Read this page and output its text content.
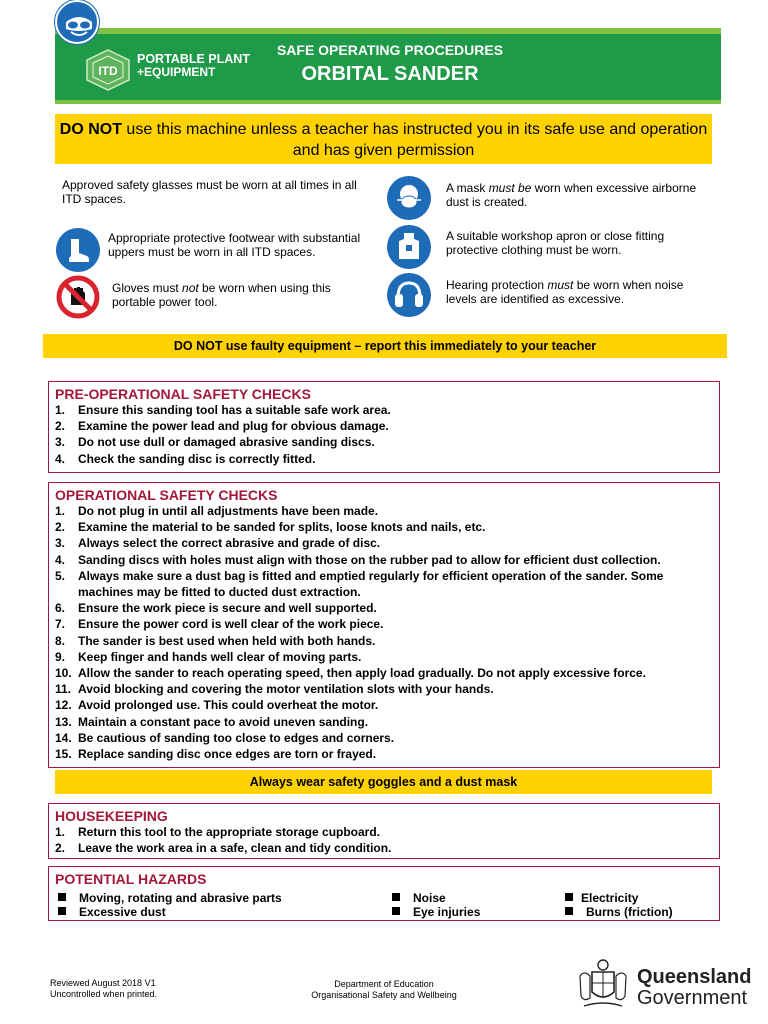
ITD
PORTABLE PLANT
+EQUIPMENT
SAFE OPERATING PROCEDURES
ORBITAL SANDER
DO NOT use this machine unless a teacher has instructed you in its safe use and operation and has given permission
Approved safety glasses must be worn at all times in all ITD spaces.
Appropriate protective footwear with substantial uppers must be worn in all ITD spaces.
Gloves must not be worn when using this portable power tool.
A mask must be worn when excessive airborne dust is created.
A suitable workshop apron or close fitting protective clothing must be worn.
Hearing protection must be worn when noise levels are identified as excessive.
DO NOT use faulty equipment – report this immediately to your teacher
PRE-OPERATIONAL SAFETY CHECKS
1.	Ensure this sanding tool has a suitable safe work area.
2.	Examine the power lead and plug for obvious damage.
3.	Do not use dull or damaged abrasive sanding discs.
4.	Check the sanding disc is correctly fitted.
OPERATIONAL SAFETY CHECKS
1.	Do not plug in until all adjustments have been made.
2.	Examine the material to be sanded for splits, loose knots and nails, etc.
3.	Always select the correct abrasive and grade of disc.
4.	Sanding discs with holes must align with those on the rubber pad to allow for efficient dust collection.
5.	Always make sure a dust bag is fitted and emptied regularly for efficient operation of the sander. Some machines may be fitted to ducted dust extraction.
6.	Ensure the work piece is secure and well supported.
7.	Ensure the power cord is well clear of the work piece.
8.	The sander is best used when held with both hands.
9.	Keep finger and hands well clear of moving parts.
10. Allow the sander to reach operating speed, then apply load gradually. Do not apply excessive force.
11. Avoid blocking and covering the motor ventilation slots with your hands.
12. Avoid prolonged use. This could overheat the motor.
13. Maintain a constant pace to avoid uneven sanding.
14. Be cautious of sanding too close to edges and corners.
15. Replace sanding disc once edges are torn or frayed.
Always wear safety goggles and a dust mask
HOUSEKEEPING
1.	Return this tool to the appropriate storage cupboard.
2.	Leave the work area in a safe, clean and tidy condition.
POTENTIAL HAZARDS
Moving, rotating and abrasive parts
Excessive dust
Noise
Eye injuries
Electricity
Burns (friction)
Reviewed August 2018 V1
Uncontrolled when printed.
Department of Education
Organisational Safety and Wellbeing
Queensland
Government
